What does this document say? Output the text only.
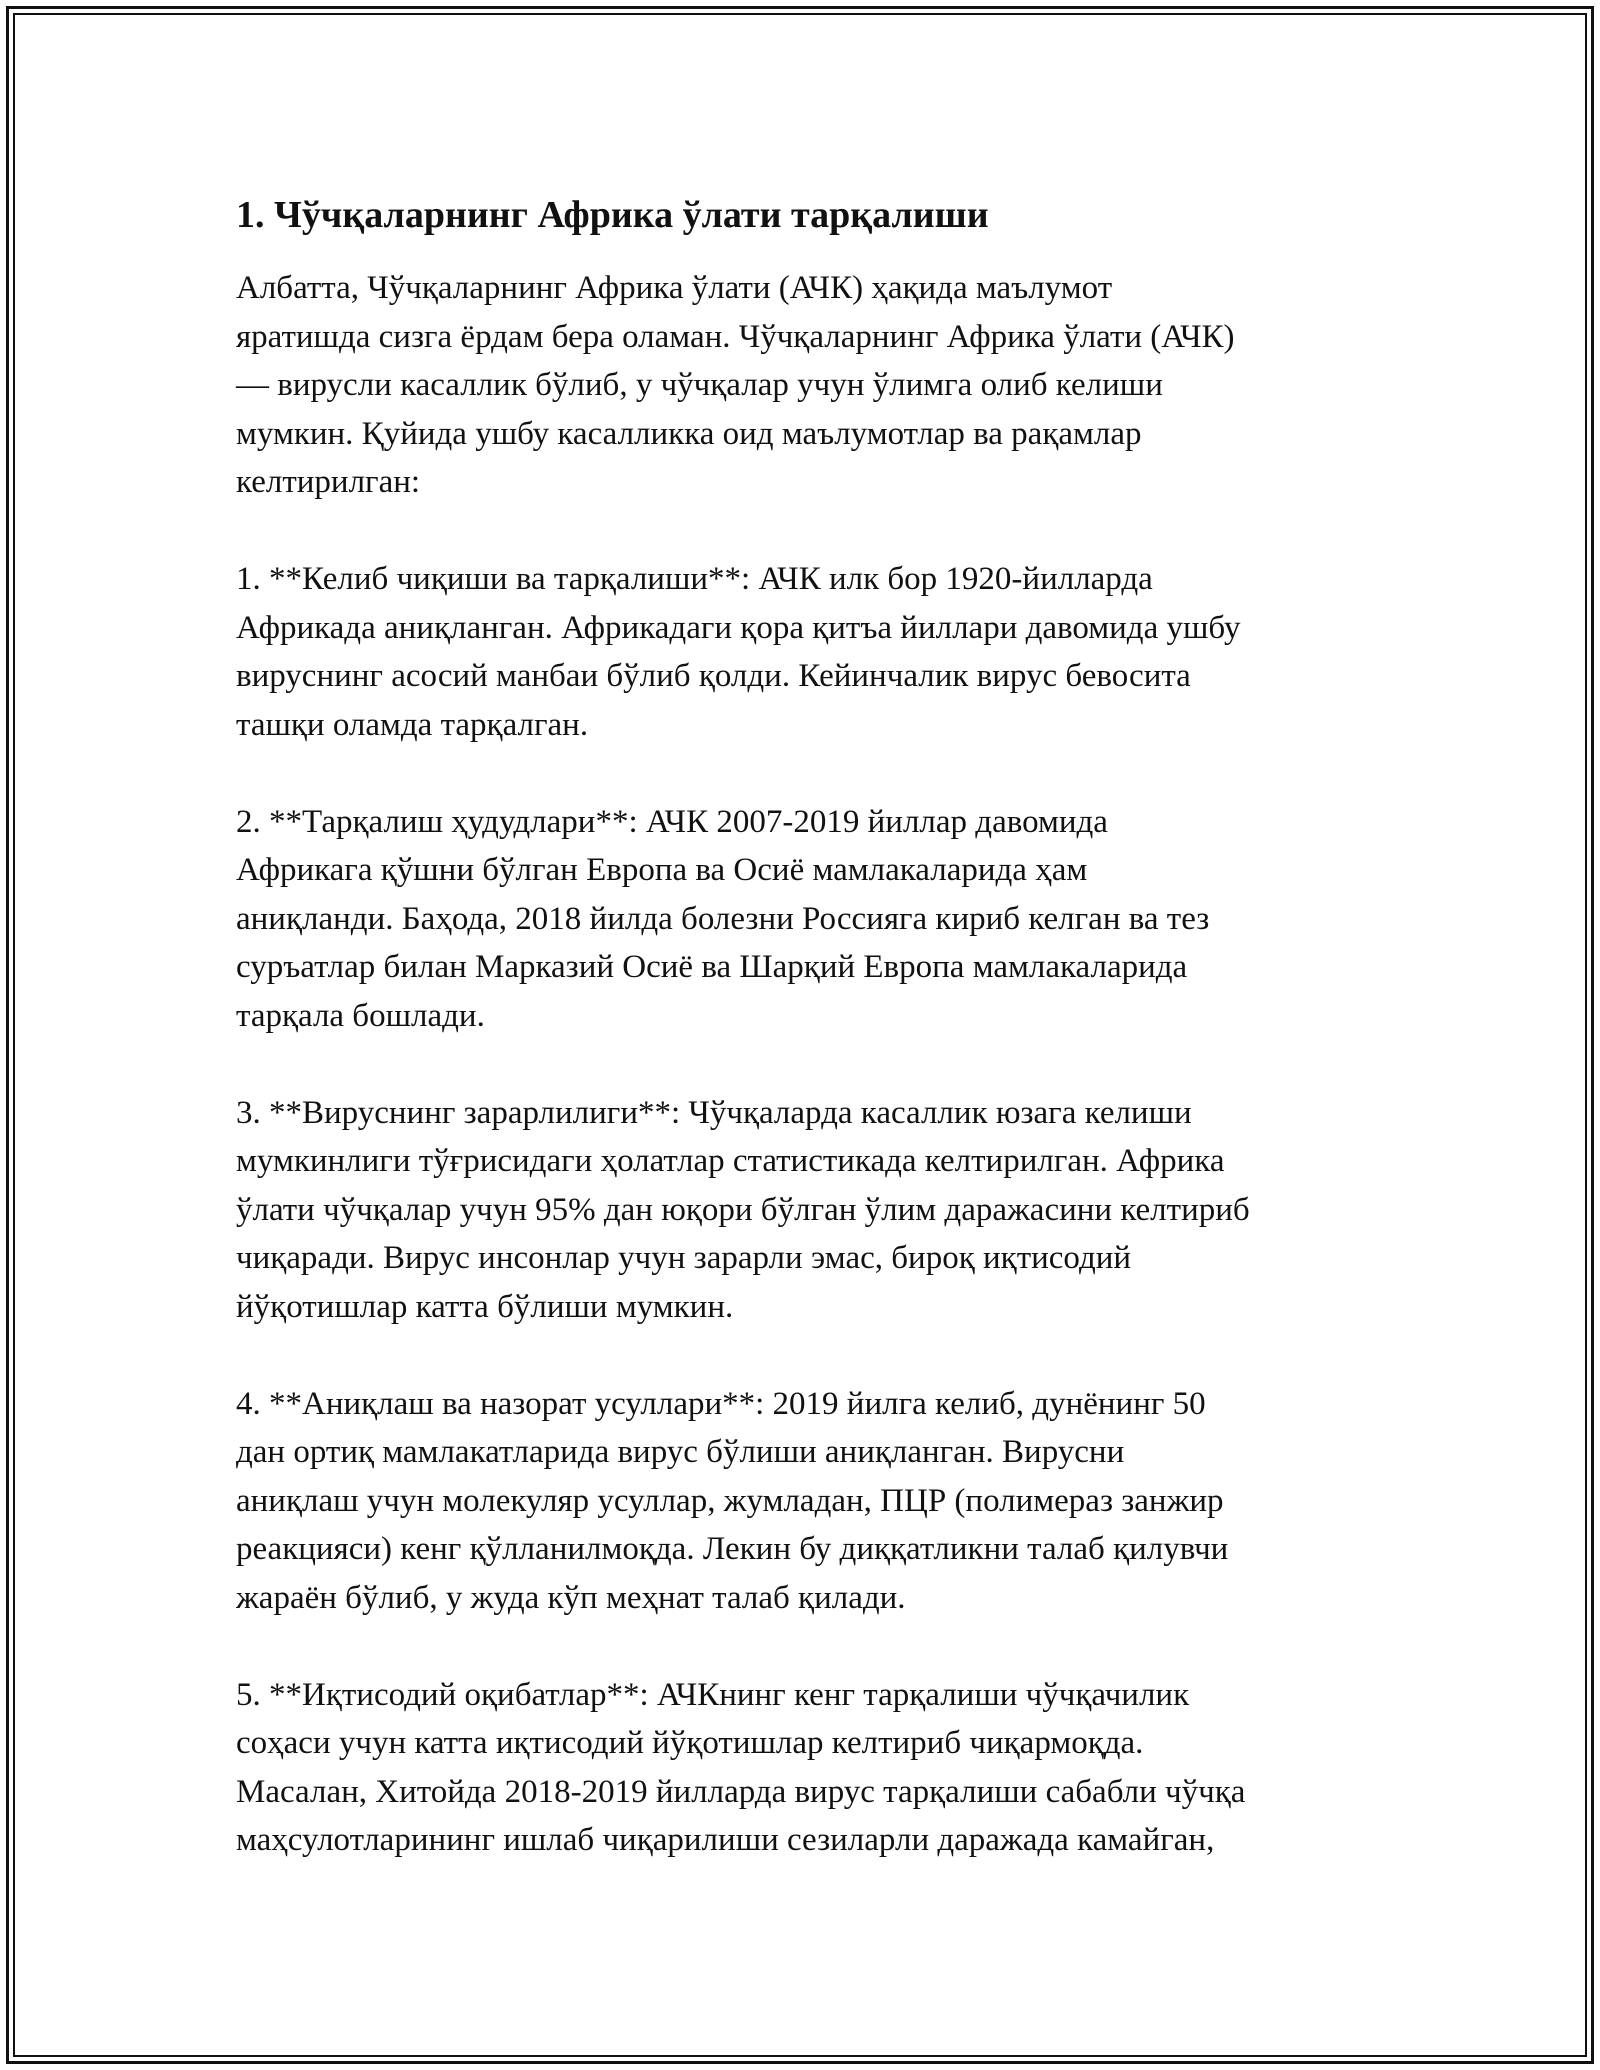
1. Чўчқаларнинг Африка ўлати тарқалиши

Албатта, Чўчқаларнинг Африка ўлати (АЧК) ҳақида маълумот
яратишда сизга ёрдам бера оламан. Чўчқаларнинг Африка ўлати (АЧК)
— вирусли касаллик бўлиб, у чўчқалар учун ўлимга олиб келиши
мумкин. Қуйида ушбу касалликка оид маълумотлар ва рақамлар
келтирилган:

1. **Келиб чиқиши ва тарқалиши**: АЧК илк бор 1920-йилларда
Африкада аниқланган. Африкадаги қора қитъа йиллари давомида ушбу
вируснинг асосий манбаи бўлиб қолди. Кейинчалик вирус бевосита
ташқи оламда тарқалган.

2. **Тарқалиш ҳудудлари**: АЧК 2007-2019 йиллар давомида
Африкага қўшни бўлган Европа ва Осиё мамлакаларида ҳам
аниқланди. Баҳода, 2018 йилда болезни Россияга кириб келган ва тез
суръатлар билан Марказий Осиё ва Шарқий Европа мамлакаларида
тарқала бошлади.

3. **Вируснинг зарарлилиги**: Чўчқаларда касаллик юзага келиши
мумкинлиги тўғрисидаги ҳолатлар статистикада келтирилган. Африка
ўлати чўчқалар учун 95% дан юқори бўлган ўлим даражасини келтириб
чиқаради. Вирус инсонлар учун зарарли эмас, бироқ иқтисодий
йўқотишлар катта бўлиши мумкин.

4. **Аниқлаш ва назорат усуллари**: 2019 йилга келиб, дунёнинг 50
дан ортиқ мамлакатларида вирус бўлиши аниқланган. Вирусни
аниқлаш учун молекуляр усуллар, жумладан, ПЦР (полимераз занжир
реакцияси) кенг қўлланилмоқда. Лекин бу диққатликни талаб қилувчи
жараён бўлиб, у жуда кўп меҳнат талаб қилади.

5. **Иқтисодий оқибатлар**: АЧКнинг кенг тарқалиши чўчқачилик
соҳаси учун катта иқтисодий йўқотишлар келтириб чиқармоқда.
Масалан, Хитойда 2018-2019 йилларда вирус тарқалиши сабабли чўчқа
маҳсулотларининг ишлаб чиқарилиши сезиларли даражада камайган,
